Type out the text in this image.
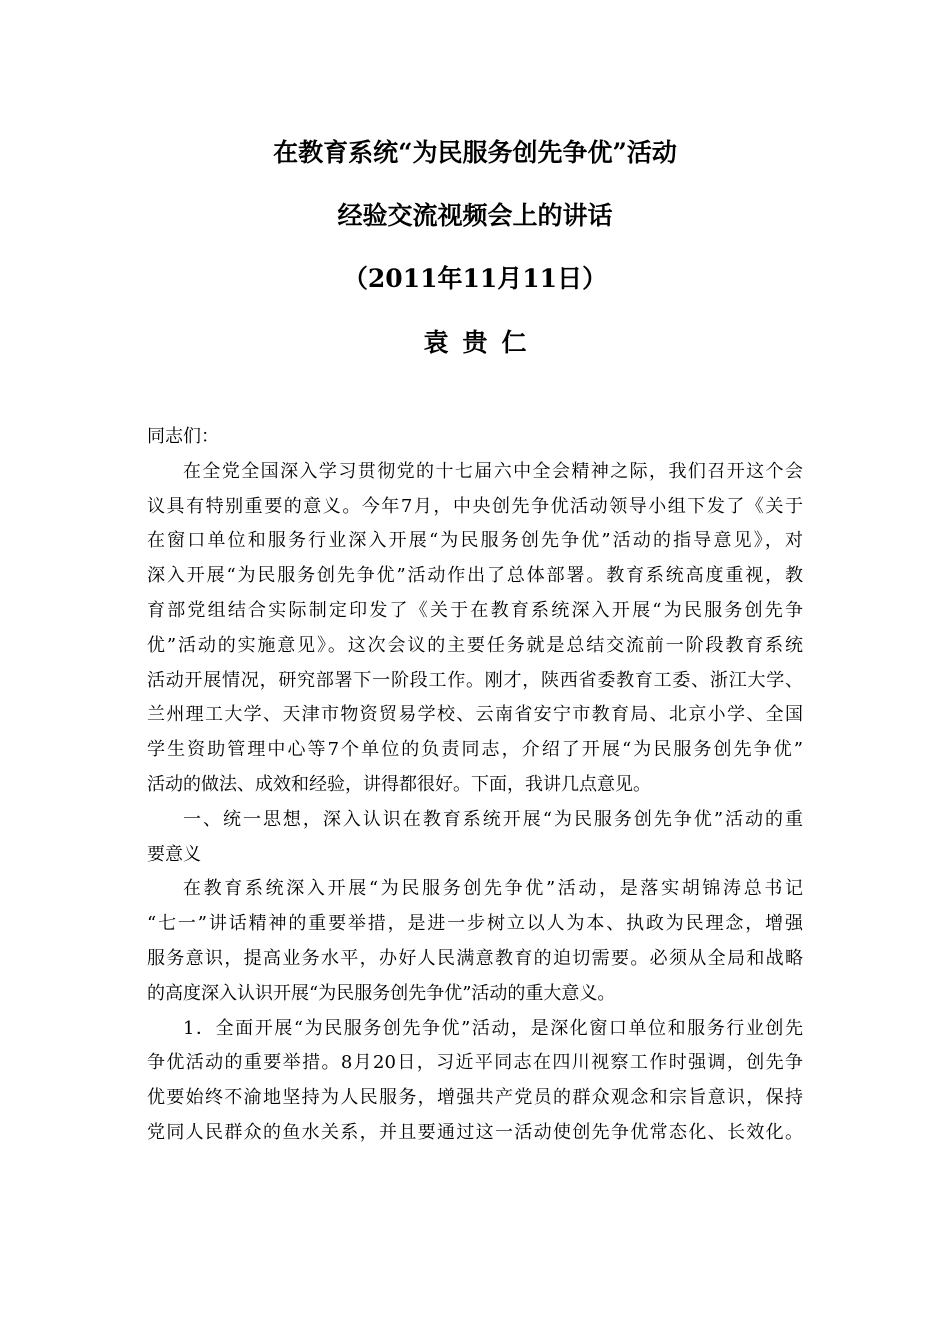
在教育系统“为民服务创先争优”活动
经验交流视频会上的讲话
（2011年11月11日）
袁贵仁
同志们：
在全党全国深入学习贯彻党的十七届六中全会精神之际，我们召开这个会
议具有特别重要的意义。今年7月，中央创先争优活动领导小组下发了《关于
在窗口单位和服务行业深入开展“为民服务创先争优”活动的指导意见》，对
深入开展“为民服务创先争优”活动作出了总体部署。教育系统高度重视，教
育部党组结合实际制定印发了《关于在教育系统深入开展“为民服务创先争
优”活动的实施意见》。这次会议的主要任务就是总结交流前一阶段教育系统
活动开展情况，研究部署下一阶段工作。刚才，陕西省委教育工委、浙江大学、
兰州理工大学、天津市物资贸易学校、云南省安宁市教育局、北京小学、全国
学生资助管理中心等7个单位的负责同志，介绍了开展“为民服务创先争优”
活动的做法、成效和经验，讲得都很好。下面，我讲几点意见。
一、统一思想，深入认识在教育系统开展“为民服务创先争优”活动的重
要意义
在教育系统深入开展“为民服务创先争优”活动，是落实胡锦涛总书记
“七一”讲话精神的重要举措，是进一步树立以人为本、执政为民理念，增强
服务意识，提高业务水平，办好人民满意教育的迫切需要。必须从全局和战略
的高度深入认识开展“为民服务创先争优”活动的重大意义。
1．全面开展“为民服务创先争优”活动，是深化窗口单位和服务行业创先
争优活动的重要举措。8月20日，习近平同志在四川视察工作时强调，创先争
优要始终不渝地坚持为人民服务，增强共产党员的群众观念和宗旨意识，保持
党同人民群众的鱼水关系，并且要通过这一活动使创先争优常态化、长效化。
